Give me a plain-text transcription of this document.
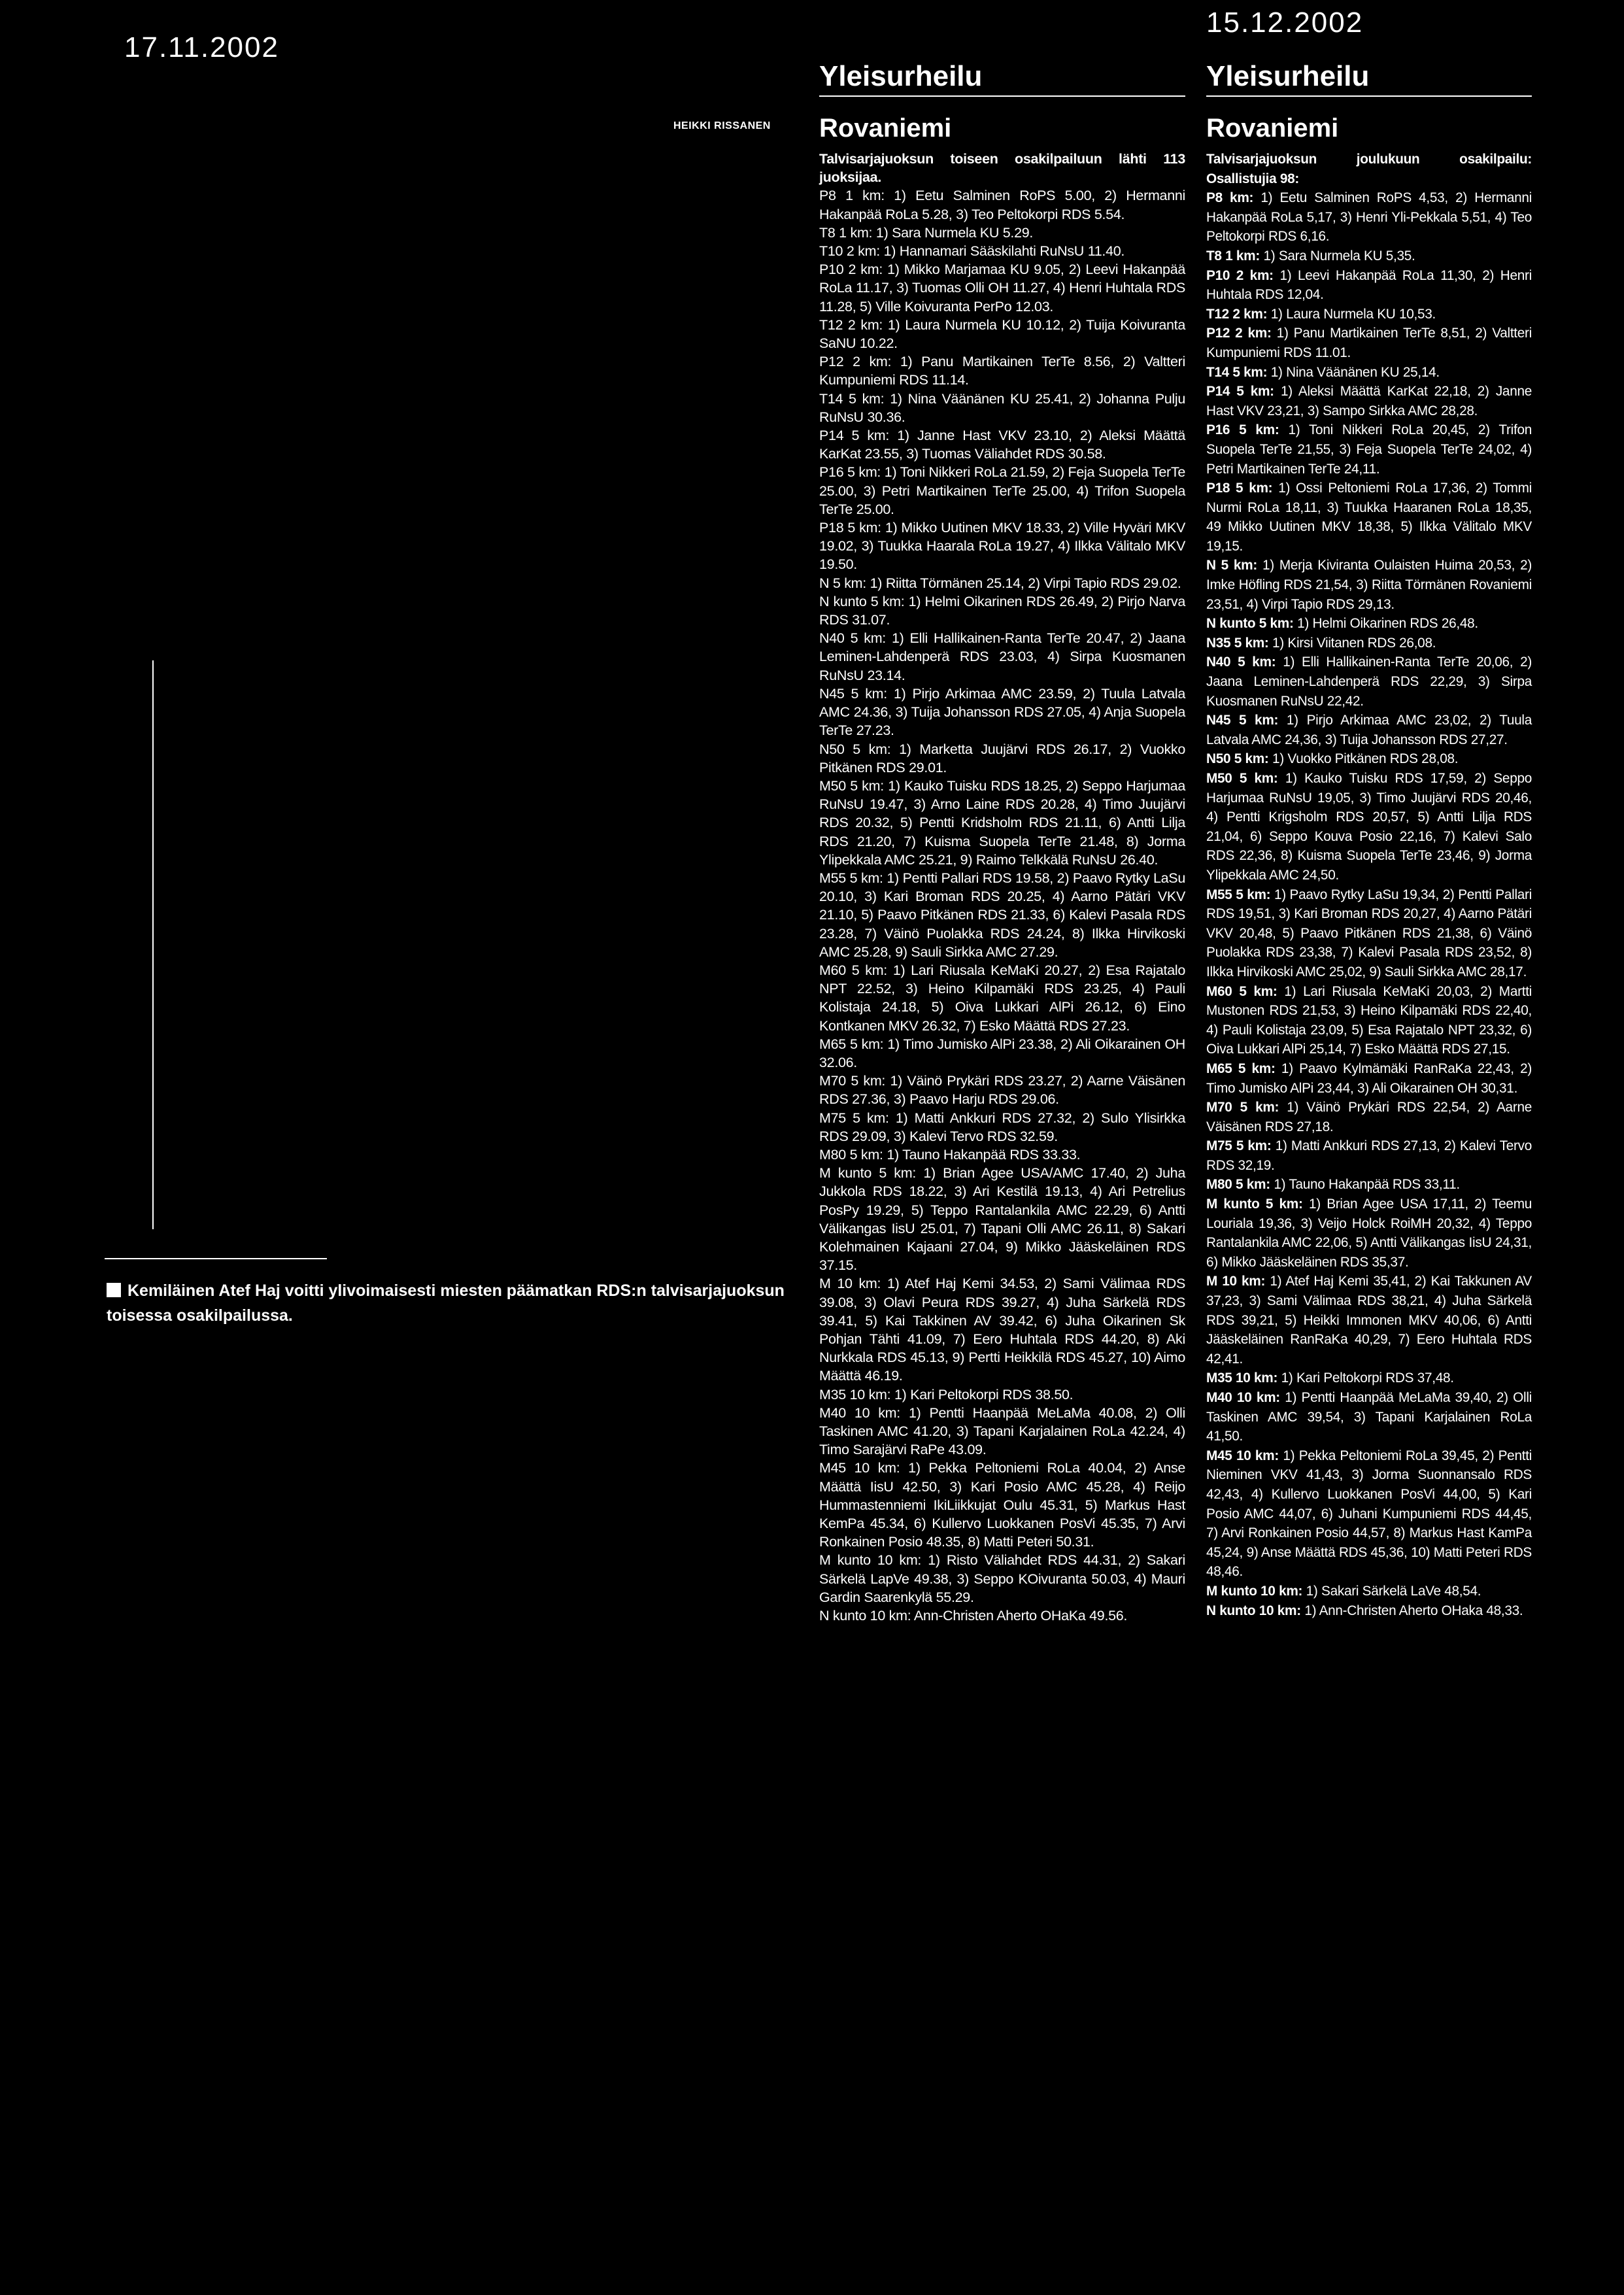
17.11.2002
15.12.2002
HEIKKI RISSANEN
Kemiläinen Atef Haj voitti ylivoimaisesti miesten päämatkan RDS:n talvisarjajuoksun toisessa osakilpailussa.
Yleisurheilu
Rovaniemi

Talvisarjajuoksun toiseen osakilpailuun lähti 113 juoksijaa.

P8 1 km: 1) Eetu Salminen RoPS 5.00, 2) Hermanni Hakanpää RoLa 5.28, 3) Teo Peltokorpi RDS 5.54.

T8 1 km: 1) Sara Nurmela KU 5.29.

T10 2 km: 1) Hannamari Sääskilahti RuNsU 11.40.

P10 2 km: 1) Mikko Marjamaa KU 9.05, 2) Leevi Hakanpää RoLa 11.17, 3) Tuomas Olli OH 11.27, 4) Henri Huhtala RDS 11.28, 5) Ville Koivuranta PerPo 12.03.

T12 2 km: 1) Laura Nurmela KU 10.12, 2) Tuija Koivuranta SaNU 10.22.

P12 2 km: 1) Panu Martikainen TerTe 8.56, 2) Valtteri Kumpuniemi RDS 11.14.

T14 5 km: 1) Nina Väänänen KU 25.41, 2) Johanna Pulju RuNsU 30.36.

P14 5 km: 1) Janne Hast VKV 23.10, 2) Aleksi Määttä KarKat 23.55, 3) Tuomas Väliahdet RDS 30.58.

P16 5 km: 1) Toni Nikkeri RoLa 21.59, 2) Feja Suopela TerTe 25.00, 3) Petri Martikainen TerTe 25.00, 4) Trifon Suopela TerTe 25.00.

P18 5 km: 1) Mikko Uutinen MKV 18.33, 2) Ville Hyväri MKV 19.02, 3) Tuukka Haarala RoLa 19.27, 4) Ilkka Välitalo MKV 19.50.

N 5 km: 1) Riitta Törmänen 25.14, 2) Virpi Tapio RDS 29.02.

N kunto 5 km: 1) Helmi Oikarinen RDS 26.49, 2) Pirjo Narva RDS 31.07.

N40 5 km: 1) Elli Hallikainen-Ranta TerTe 20.47, 2) Jaana Leminen-Lahdenperä RDS 23.03, 4) Sirpa Kuosmanen RuNsU 23.14.

N45 5 km: 1) Pirjo Arkimaa AMC 23.59, 2) Tuula Latvala AMC 24.36, 3) Tuija Johansson RDS 27.05, 4) Anja Suopela TerTe 27.23.

N50 5 km: 1) Marketta Juujärvi RDS 26.17, 2) Vuokko Pitkänen RDS 29.01.

M50 5 km: 1) Kauko Tuisku RDS 18.25, 2) Seppo Harjumaa RuNsU 19.47, 3) Arno Laine RDS 20.28, 4) Timo Juujärvi RDS 20.32, 5) Pentti Kridsholm RDS 21.11, 6) Antti Lilja RDS 21.20, 7) Kuisma Suopela TerTe 21.48, 8) Jorma Ylipekkala AMC 25.21, 9) Raimo Telkkälä RuNsU 26.40.

M55 5 km: 1) Pentti Pallari RDS 19.58, 2) Paavo Rytky LaSu 20.10, 3) Kari Broman RDS 20.25, 4) Aarno Pätäri VKV 21.10, 5) Paavo Pitkänen RDS 21.33, 6) Kalevi Pasala RDS 23.28, 7) Väinö Puolakka RDS 24.24, 8) Ilkka Hirvikoski AMC 25.28, 9) Sauli Sirkka AMC 27.29.

M60 5 km: 1) Lari Riusala KeMaKi 20.27, 2) Esa Rajatalo NPT 22.52, 3) Heino Kilpamäki RDS 23.25, 4) Pauli Kolistaja 24.18, 5) Oiva Lukkari AlPi 26.12, 6) Eino Kontkanen MKV 26.32, 7) Esko Määttä RDS 27.23.

M65 5 km: 1) Timo Jumisko AlPi 23.38, 2) Ali Oikarainen OH 32.06.

M70 5 km: 1) Väinö Prykäri RDS 23.27, 2) Aarne Väisänen RDS 27.36, 3) Paavo Harju RDS 29.06.

M75 5 km: 1) Matti Ankkuri RDS 27.32, 2) Sulo Ylisirkka RDS 29.09, 3) Kalevi Tervo RDS 32.59.

M80 5 km: 1) Tauno Hakanpää RDS 33.33.

M kunto 5 km: 1) Brian Agee USA/AMC 17.40, 2) Juha Jukkola RDS 18.22, 3) Ari Kestilä 19.13, 4) Ari Petrelius PosPy 19.29, 5) Teppo Rantalankila AMC 22.29, 6) Antti Välikangas IisU 25.01, 7) Tapani Olli AMC 26.11, 8) Sakari Kolehmainen Kajaani 27.04, 9) Mikko Jääskeläinen RDS 37.15.

M 10 km: 1) Atef Haj Kemi 34.53, 2) Sami Välimaa RDS 39.08, 3) Olavi Peura RDS 39.27, 4) Juha Särkelä RDS 39.41, 5) Kai Takkinen AV 39.42, 6) Juha Oikarinen Sk Pohjan Tähti 41.09, 7) Eero Huhtala RDS 44.20, 8) Aki Nurkkala RDS 45.13, 9) Pertti Heikkilä RDS 45.27, 10) Aimo Määttä 46.19.

M35 10 km: 1) Kari Peltokorpi RDS 38.50.

M40 10 km: 1) Pentti Haanpää MeLaMa 40.08, 2) Olli Taskinen AMC 41.20, 3) Tapani Karjalainen RoLa 42.24, 4) Timo Sarajärvi RaPe 43.09.

M45 10 km: 1) Pekka Peltoniemi RoLa 40.04, 2) Anse Määttä IisU 42.50, 3) Kari Posio AMC 45.28, 4) Reijo Hummastenniemi IkiLiikkujat Oulu 45.31, 5) Markus Hast KemPa 45.34, 6) Kullervo Luokkanen PosVi 45.35, 7) Arvi Ronkainen Posio 48.35, 8) Matti Peteri 50.31.

M kunto 10 km: 1) Risto Väliahdet RDS 44.31, 2) Sakari Särkelä LapVe 49.38, 3) Seppo KOivuranta 50.03, 4) Mauri Gardin Saarenkylä 55.29.

N kunto 10 km: Ann-Christen Aherto OHaKa 49.56.

Yleisurheilu
Rovaniemi

Talvisarjajuoksun joulukuun osakilpailu: Osallistujia 98:

P8 km: 1) Eetu Salminen RoPS 4,53, 2) Hermanni Hakanpää RoLa 5,17, 3) Henri Yli-Pekkala 5,51, 4) Teo Peltokorpi RDS 6,16.

T8 1 km: 1) Sara Nurmela KU 5,35.

P10 2 km: 1) Leevi Hakanpää RoLa 11,30, 2) Henri Huhtala RDS 12,04.

T12 2 km: 1) Laura Nurmela KU 10,53.

P12 2 km: 1) Panu Martikainen TerTe 8,51, 2) Valtteri Kumpuniemi RDS 11.01.

T14 5 km: 1) Nina Väänänen KU 25,14.

P14 5 km: 1) Aleksi Määttä KarKat 22,18, 2) Janne Hast VKV 23,21, 3) Sampo Sirkka AMC 28,28.

P16 5 km: 1) Toni Nikkeri RoLa 20,45, 2) Trifon Suopela TerTe 21,55, 3) Feja Suopela TerTe 24,02, 4) Petri Martikainen TerTe 24,11.

P18 5 km: 1) Ossi Peltoniemi RoLa 17,36, 2) Tommi Nurmi RoLa 18,11, 3) Tuukka Haaranen RoLa 18,35, 49 Mikko Uutinen MKV 18,38, 5) Ilkka Välitalo MKV 19,15.

N 5 km: 1) Merja Kiviranta Oulaisten Huima 20,53, 2) Imke Höfling RDS 21,54, 3) Riitta Törmänen Rovaniemi 23,51, 4) Virpi Tapio RDS 29,13.

N kunto 5 km: 1) Helmi Oikarinen RDS 26,48.

N35 5 km: 1) Kirsi Viitanen RDS 26,08.

N40 5 km: 1) Elli Hallikainen-Ranta TerTe 20,06, 2) Jaana Leminen-Lahdenperä RDS 22,29, 3) Sirpa Kuosmanen RuNsU 22,42.

N45 5 km: 1) Pirjo Arkimaa AMC 23,02, 2) Tuula Latvala AMC 24,36, 3) Tuija Johansson RDS 27,27.

N50 5 km: 1) Vuokko Pitkänen RDS 28,08.

M50 5 km: 1) Kauko Tuisku RDS 17,59, 2) Seppo Harjumaa RuNsU 19,05, 3) Timo Juujärvi RDS 20,46, 4) Pentti Krigsholm RDS 20,57, 5) Antti Lilja RDS 21,04, 6) Seppo Kouva Posio 22,16, 7) Kalevi Salo RDS 22,36, 8) Kuisma Suopela TerTe 23,46, 9) Jorma Ylipekkala AMC 24,50.

M55 5 km: 1) Paavo Rytky LaSu 19,34, 2) Pentti Pallari RDS 19,51, 3) Kari Broman RDS 20,27, 4) Aarno Pätäri VKV 20,48, 5) Paavo Pitkänen RDS 21,38, 6) Väinö Puolakka RDS 23,38, 7) Kalevi Pasala RDS 23,52, 8) Ilkka Hirvikoski AMC 25,02, 9) Sauli Sirkka AMC 28,17.

M60 5 km: 1) Lari Riusala KeMaKi 20,03, 2) Martti Mustonen RDS 21,53, 3) Heino Kilpamäki RDS 22,40, 4) Pauli Kolistaja 23,09, 5) Esa Rajatalo NPT 23,32, 6) Oiva Lukkari AlPi 25,14, 7) Esko Määttä RDS 27,15.

M65 5 km: 1) Paavo Kylmämäki RanRaKa 22,43, 2) Timo Jumisko AlPi 23,44, 3) Ali Oikarainen OH 30,31.

M70 5 km: 1) Väinö Prykäri RDS 22,54, 2) Aarne Väisänen RDS 27,18.

M75 5 km: 1) Matti Ankkuri RDS 27,13, 2) Kalevi Tervo RDS 32,19.

M80 5 km: 1) Tauno Hakanpää RDS 33,11.

M kunto 5 km: 1) Brian Agee USA 17,11, 2) Teemu Louriala 19,36, 3) Veijo Holck RoiMH 20,32, 4) Teppo Rantalankila AMC 22,06, 5) Antti Välikangas IisU 24,31, 6) Mikko Jääskeläinen RDS 35,37.

M 10 km: 1) Atef Haj Kemi 35,41, 2) Kai Takkunen AV 37,23, 3) Sami Välimaa RDS 38,21, 4) Juha Särkelä RDS 39,21, 5) Heikki Immonen MKV 40,06, 6) Antti Jääskeläinen RanRaKa 40,29, 7) Eero Huhtala RDS 42,41.

M35 10 km: 1) Kari Peltokorpi RDS 37,48.

M40 10 km: 1) Pentti Haanpää MeLaMa 39,40, 2) Olli Taskinen AMC 39,54, 3) Tapani Karjalainen RoLa 41,50.

M45 10 km: 1) Pekka Peltoniemi RoLa 39,45, 2) Pentti Nieminen VKV 41,43, 3) Jorma Suonnansalo RDS 42,43, 4) Kullervo Luokkanen PosVi 44,00, 5) Kari Posio AMC 44,07, 6) Juhani Kumpuniemi RDS 44,45, 7) Arvi Ronkainen Posio 44,57, 8) Markus Hast KamPa 45,24, 9) Anse Määttä RDS 45,36, 10) Matti Peteri RDS 48,46.

M kunto 10 km: 1) Sakari Särkelä LaVe 48,54.

N kunto 10 km: 1) Ann-Christen Aherto OHaka 48,33.
